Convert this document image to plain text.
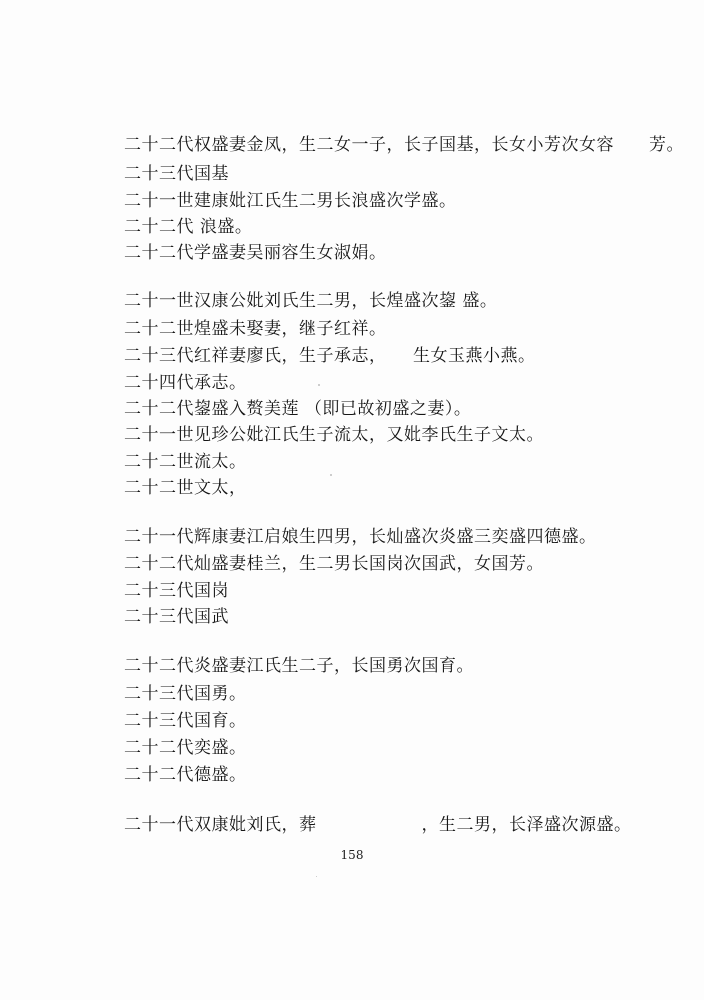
二十二代权盛妻金凤，生二女一子，长子国基，长女小芳次女容　　芳。
二十三代国基
二十一世建康妣江氏生二男长浪盛次学盛。
二十二代 浪盛。
二十二代学盛妻吴丽容生女淑娟。
二十一世汉康公妣刘氏生二男，长煌盛次鋆 盛。
二十二世煌盛未娶妻，继子红祥。
二十三代红祥妻廖氏，生子承志，　　生女玉燕小燕。
二十四代承志。
二十二代鋆盛入赘美莲 （即已故初盛之妻）。
二十一世见珍公妣江氏生子流太，又妣李氏生子文太。
二十二世流太。
二十二世文太，
二十一代辉康妻江启娘生四男，长灿盛次炎盛三奕盛四德盛。
二十二代灿盛妻桂兰，生二男长国岗次国武，女国芳。
二十三代国岗
二十三代国武
二十二代炎盛妻江氏生二子，长国勇次国育。
二十三代国勇。
二十三代国育。
二十二代奕盛。
二十二代德盛。
二十一代双康妣刘氏，葬　　　　　　，生二男，长泽盛次源盛。
158
